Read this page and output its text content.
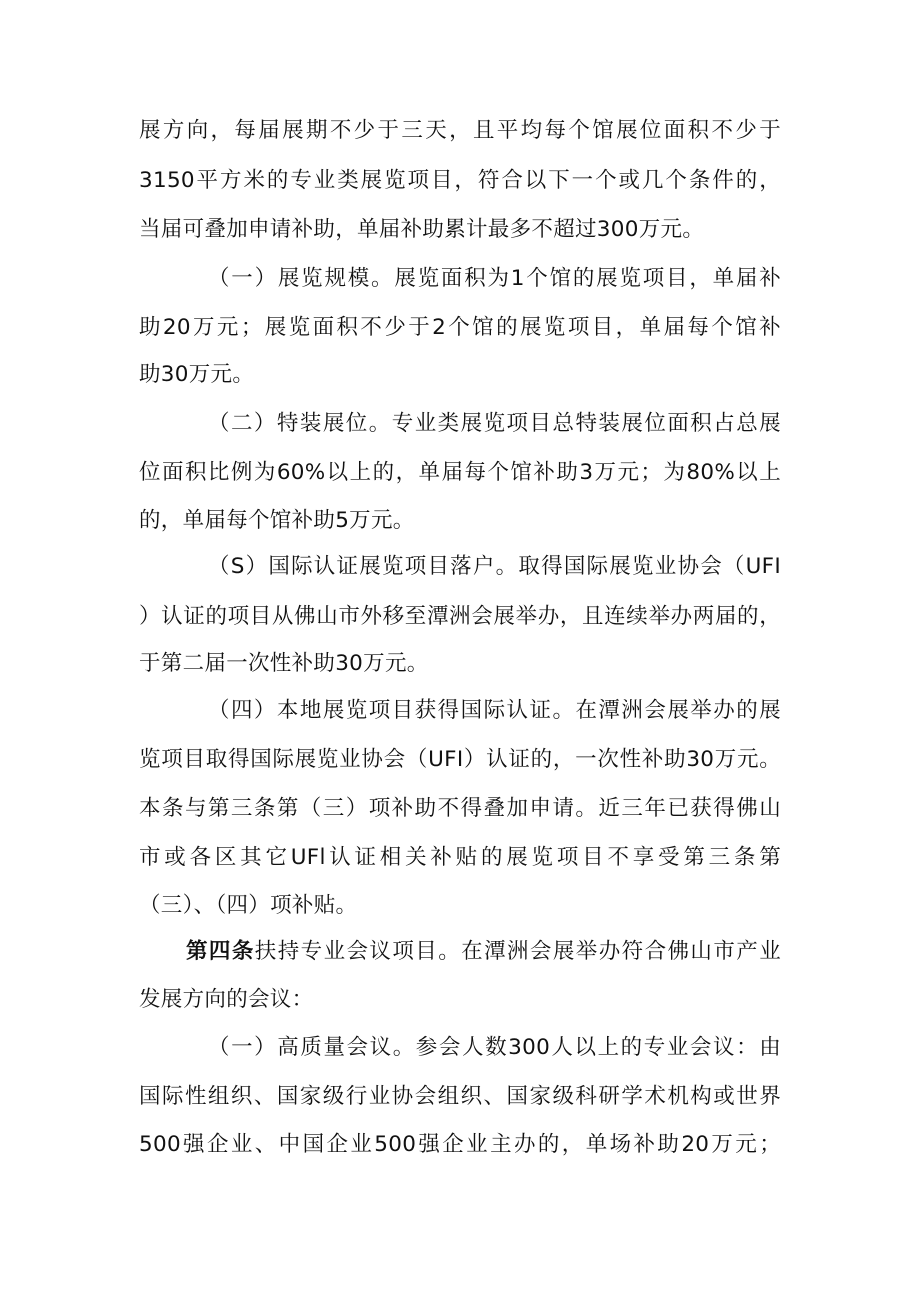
展方向，每届展期不少于三天，且平均每个馆展位面积不少于
3150平方米的专业类展览项目，符合以下一个或几个条件的，
当届可叠加申请补助，单届补助累计最多不超过300万元。
（一）展览规模。展览面积为1个馆的展览项目，单届补
助20万元；展览面积不少于2个馆的展览项目，单届每个馆补
助30万元。
（二）特装展位。专业类展览项目总特装展位面积占总展
位面积比例为60%以上的，单届每个馆补助3万元；为80%以上
的，单届每个馆补助5万元。
（S）国际认证展览项目落户。取得国际展览业协会（UFI
）认证的项目从佛山市外移至潭洲会展举办，且连续举办两届的，
于第二届一次性补助30万元。
（四）本地展览项目获得国际认证。在潭洲会展举办的展
览项目取得国际展览业协会（UFI）认证的，一次性补助30万元。
本条与第三条第（三）项补助不得叠加申请。近三年已获得佛山
市或各区其它UFl认证相关补贴的展览项目不享受第三条第
（三）、（四）项补贴。
第四条扶持专业会议项目。在潭洲会展举办符合佛山市产业
发展方向的会议：
（一）高质量会议。参会人数300人以上的专业会议：由
国际性组织、国家级行业协会组织、国家级科研学术机构或世界
500强企业、中国企业500强企业主办的，单场补助20万元；
